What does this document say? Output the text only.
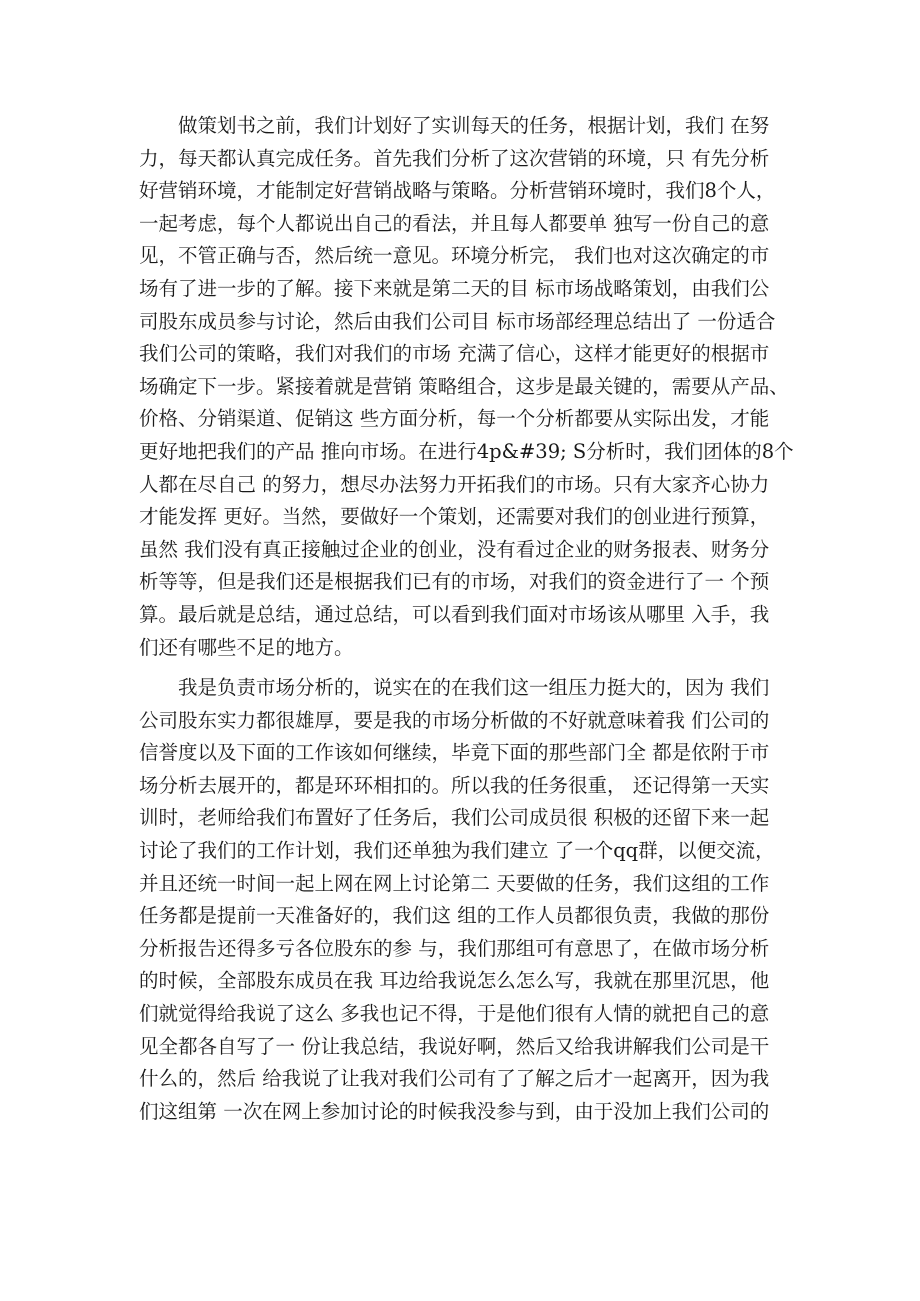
做策划书之前，我们计划好了实训每天的任务，根据计划，我们 在努
力，每天都认真完成任务。首先我们分析了这次营销的环境，只 有先分析
好营销环境，才能制定好营销战略与策略。分析营销环境时，我们8个人，
一起考虑，每个人都说出自己的看法，并且每人都要单 独写一份自己的意
见，不管正确与否，然后统一意见。环境分析完， 我们也对这次确定的市
场有了进一步的了解。接下来就是第二天的目 标市场战略策划，由我们公
司股东成员参与讨论，然后由我们公司目 标市场部经理总结出了 一份适合
我们公司的策略，我们对我们的市场 充满了信心，这样才能更好的根据市
场确定下一步。紧接着就是营销 策略组合，这步是最关键的，需要从产品、
价格、分销渠道、促销这 些方面分析，每一个分析都要从实际出发，才能
更好地把我们的产品 推向市场。在进行4p&#39; S分析时，我们团体的8个
人都在尽自己 的努力，想尽办法努力开拓我们的市场。只有大家齐心协力
才能发挥 更好。当然，要做好一个策划，还需要对我们的创业进行预算，
虽然 我们没有真正接触过企业的创业，没有看过企业的财务报表、财务分
析等等，但是我们还是根据我们已有的市场，对我们的资金进行了一 个预
算。最后就是总结，通过总结，可以看到我们面对市场该从哪里 入手，我
们还有哪些不足的地方。
我是负责市场分析的，说实在的在我们这一组压力挺大的，因为 我们
公司股东实力都很雄厚，要是我的市场分析做的不好就意味着我 们公司的
信誉度以及下面的工作该如何继续，毕竟下面的那些部门全 都是依附于市
场分析去展开的，都是环环相扣的。所以我的任务很重， 还记得第一天实
训时，老师给我们布置好了任务后，我们公司成员很 积极的还留下来一起
讨论了我们的工作计划，我们还单独为我们建立 了一个qq群，以便交流，
并且还统一时间一起上网在网上讨论第二 天要做的任务，我们这组的工作
任务都是提前一天准备好的，我们这 组的工作人员都很负责，我做的那份
分析报告还得多亏各位股东的参 与，我们那组可有意思了，在做市场分析
的时候，全部股东成员在我 耳边给我说怎么怎么写，我就在那里沉思，他
们就觉得给我说了这么 多我也记不得，于是他们很有人情的就把自己的意
见全都各自写了一 份让我总结，我说好啊，然后又给我讲解我们公司是干
什么的，然后 给我说了让我对我们公司有了了解之后才一起离开，因为我
们这组第 一次在网上参加讨论的时候我没参与到，由于没加上我们公司的
